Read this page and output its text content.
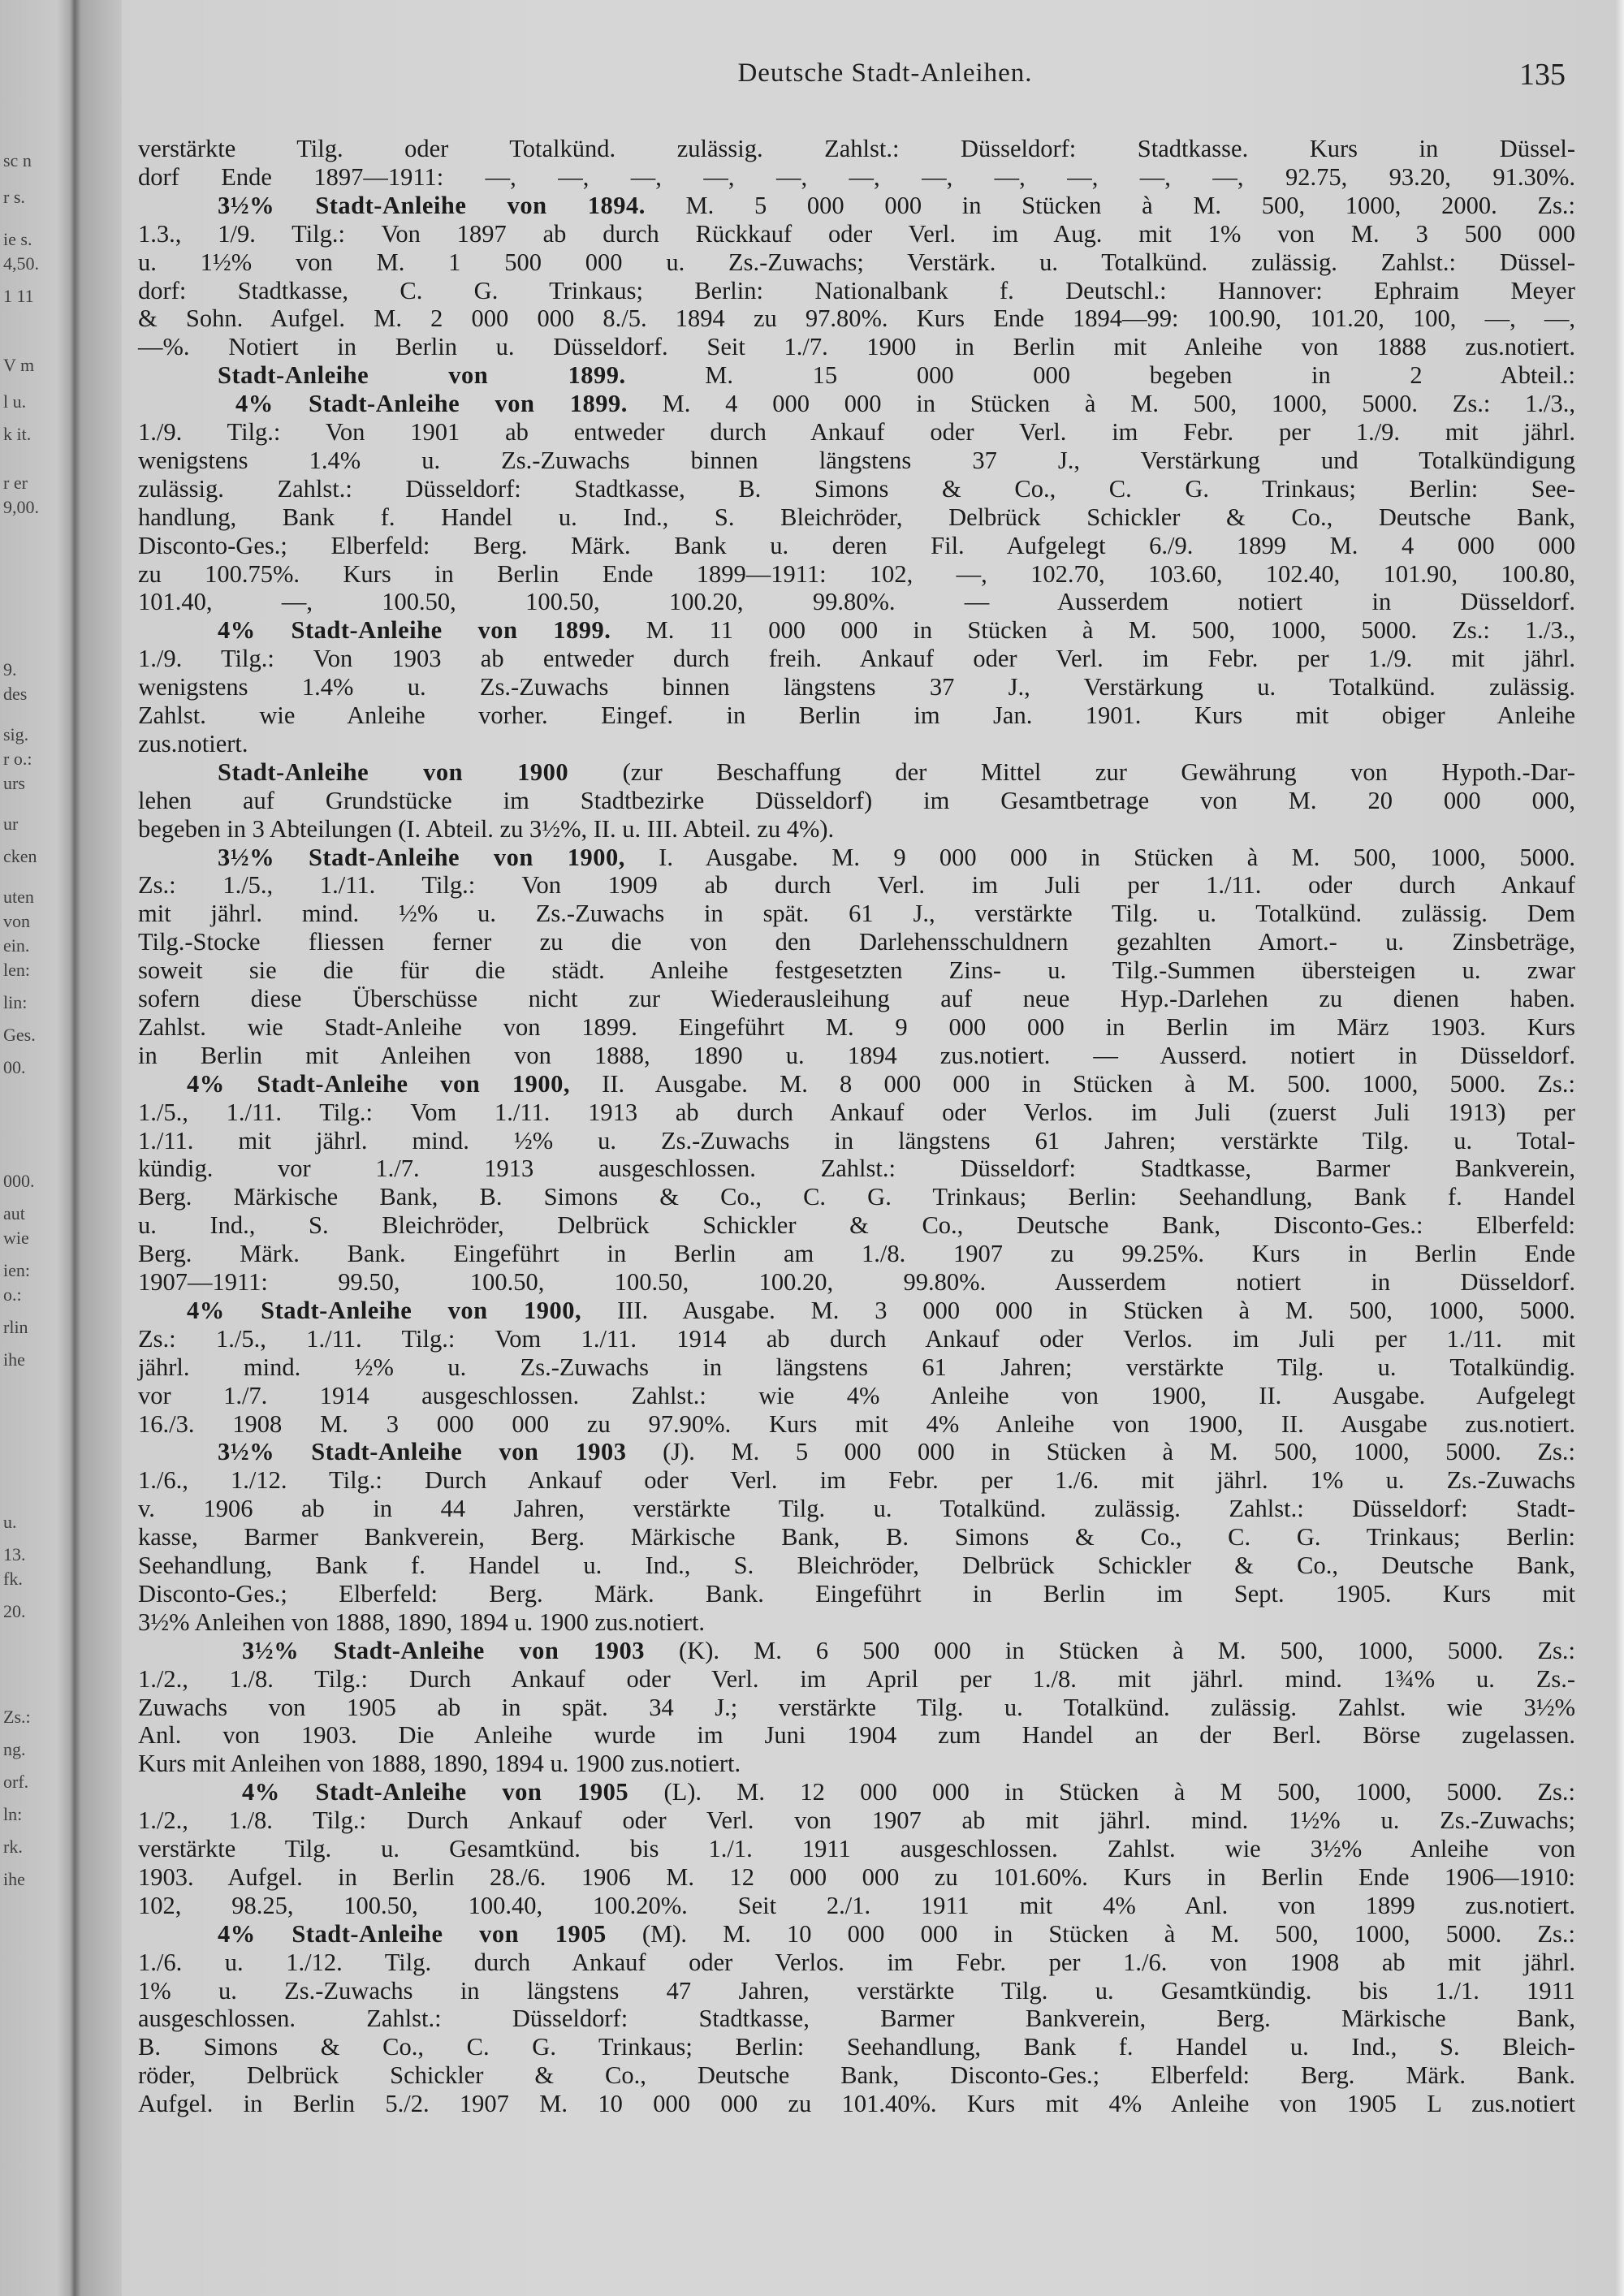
sc n
r s.
ie s.
4,50.
1 11
V m
l u.
k it.
r er
9,00.
9.
des
sig.
r o.:
urs
ur
cken
uten
von
ein.
len:
lin:
Ges.
00.
000.
aut
wie
ien:
o.:
rlin
ihe
u.
13.
fk.
20.
Zs.:
ng.
orf.
ln:
rk.
ihe
Deutsche Stadt-Anleihen.	135
verstärkte Tilg. oder Totalkünd. zulässig. Zahlst.: Düsseldorf: Stadtkasse. Kurs in Düssel-
dorf Ende 1897—1911: —, —, —, —, —, —, —, —, —, —, —, 92.75, 93.20, 91.30%.
3½% Stadt-Anleihe von 1894. M. 5 000 000 in Stücken à M. 500, 1000, 2000. Zs.:
1.3., 1/9. Tilg.: Von 1897 ab durch Rückkauf oder Verl. im Aug. mit 1% von M. 3 500 000
u. 1½% von M. 1 500 000 u. Zs.-Zuwachs; Verstärk. u. Totalkünd. zulässig. Zahlst.: Düssel-
dorf: Stadtkasse, C. G. Trinkaus; Berlin: Nationalbank f. Deutschl.: Hannover: Ephraim Meyer
& Sohn. Aufgel. M. 2 000 000 8./5. 1894 zu 97.80%. Kurs Ende 1894—99: 100.90, 101.20, 100, —, —,
—%. Notiert in Berlin u. Düsseldorf. Seit 1./7. 1900 in Berlin mit Anleihe von 1888 zus.notiert.
Stadt-Anleihe von 1899. M. 15 000 000 begeben in 2 Abteil.:
4% Stadt-Anleihe von 1899. M. 4 000 000 in Stücken à M. 500, 1000, 5000. Zs.: 1./3.,
1./9. Tilg.: Von 1901 ab entweder durch Ankauf oder Verl. im Febr. per 1./9. mit jährl.
wenigstens 1.4% u. Zs.-Zuwachs binnen längstens 37 J., Verstärkung und Totalkündigung
zulässig. Zahlst.: Düsseldorf: Stadtkasse, B. Simons & Co., C. G. Trinkaus; Berlin: See-
handlung, Bank f. Handel u. Ind., S. Bleichröder, Delbrück Schickler & Co., Deutsche Bank,
Disconto-Ges.; Elberfeld: Berg. Märk. Bank u. deren Fil. Aufgelegt 6./9. 1899 M. 4 000 000
zu 100.75%. Kurs in Berlin Ende 1899—1911: 102, —, 102.70, 103.60, 102.40, 101.90, 100.80,
101.40, —, 100.50, 100.50, 100.20, 99.80%. — Ausserdem notiert in Düsseldorf.
4% Stadt-Anleihe von 1899. M. 11 000 000 in Stücken à M. 500, 1000, 5000. Zs.: 1./3.,
1./9. Tilg.: Von 1903 ab entweder durch freih. Ankauf oder Verl. im Febr. per 1./9. mit jährl.
wenigstens 1.4% u. Zs.-Zuwachs binnen längstens 37 J., Verstärkung u. Totalkünd. zulässig.
Zahlst. wie Anleihe vorher. Eingef. in Berlin im Jan. 1901. Kurs mit obiger Anleihe
zus.notiert.
Stadt-Anleihe von 1900 (zur Beschaffung der Mittel zur Gewährung von Hypoth.-Dar-
lehen auf Grundstücke im Stadtbezirke Düsseldorf) im Gesamtbetrage von M. 20 000 000,
begeben in 3 Abteilungen (I. Abteil. zu 3½%, II. u. III. Abteil. zu 4%).
3½% Stadt-Anleihe von 1900, I. Ausgabe. M. 9 000 000 in Stücken à M. 500, 1000, 5000.
Zs.: 1./5., 1./11. Tilg.: Von 1909 ab durch Verl. im Juli per 1./11. oder durch Ankauf
mit jährl. mind. ½% u. Zs.-Zuwachs in spät. 61 J., verstärkte Tilg. u. Totalkünd. zulässig. Dem
Tilg.-Stocke fliessen ferner zu die von den Darlehensschuldnern gezahlten Amort.- u. Zinsbeträge,
soweit sie die für die städt. Anleihe festgesetzten Zins- u. Tilg.-Summen übersteigen u. zwar
sofern diese Überschüsse nicht zur Wiederausleihung auf neue Hyp.-Darlehen zu dienen haben.
Zahlst. wie Stadt-Anleihe von 1899. Eingeführt M. 9 000 000 in Berlin im März 1903. Kurs
in Berlin mit Anleihen von 1888, 1890 u. 1894 zus.notiert. — Ausserd. notiert in Düsseldorf.
4% Stadt-Anleihe von 1900, II. Ausgabe. M. 8 000 000 in Stücken à M. 500. 1000, 5000. Zs.:
1./5., 1./11. Tilg.: Vom 1./11. 1913 ab durch Ankauf oder Verlos. im Juli (zuerst Juli 1913) per
1./11. mit jährl. mind. ½% u. Zs.-Zuwachs in längstens 61 Jahren; verstärkte Tilg. u. Total-
kündig. vor 1./7. 1913 ausgeschlossen. Zahlst.: Düsseldorf: Stadtkasse, Barmer Bankverein,
Berg. Märkische Bank, B. Simons & Co., C. G. Trinkaus; Berlin: Seehandlung, Bank f. Handel
u. Ind., S. Bleichröder, Delbrück Schickler & Co., Deutsche Bank, Disconto-Ges.: Elberfeld:
Berg. Märk. Bank. Eingeführt in Berlin am 1./8. 1907 zu 99.25%. Kurs in Berlin Ende
1907—1911: 99.50, 100.50, 100.50, 100.20, 99.80%. Ausserdem notiert in Düsseldorf.
4% Stadt-Anleihe von 1900, III. Ausgabe. M. 3 000 000 in Stücken à M. 500, 1000, 5000.
Zs.: 1./5., 1./11. Tilg.: Vom 1./11. 1914 ab durch Ankauf oder Verlos. im Juli per 1./11. mit
jährl. mind. ½% u. Zs.-Zuwachs in längstens 61 Jahren; verstärkte Tilg. u. Totalkündig.
vor 1./7. 1914 ausgeschlossen. Zahlst.: wie 4% Anleihe von 1900, II. Ausgabe. Aufgelegt
16./3. 1908 M. 3 000 000 zu 97.90%. Kurs mit 4% Anleihe von 1900, II. Ausgabe zus.notiert.
3½% Stadt-Anleihe von 1903 (J). M. 5 000 000 in Stücken à M. 500, 1000, 5000. Zs.:
1./6., 1./12. Tilg.: Durch Ankauf oder Verl. im Febr. per 1./6. mit jährl. 1% u. Zs.-Zuwachs
v. 1906 ab in 44 Jahren, verstärkte Tilg. u. Totalkünd. zulässig. Zahlst.: Düsseldorf: Stadt-
kasse, Barmer Bankverein, Berg. Märkische Bank, B. Simons & Co., C. G. Trinkaus; Berlin:
Seehandlung, Bank f. Handel u. Ind., S. Bleichröder, Delbrück Schickler & Co., Deutsche Bank,
Disconto-Ges.; Elberfeld: Berg. Märk. Bank. Eingeführt in Berlin im Sept. 1905. Kurs mit
3½% Anleihen von 1888, 1890, 1894 u. 1900 zus.notiert.
3½% Stadt-Anleihe von 1903 (K). M. 6 500 000 in Stücken à M. 500, 1000, 5000. Zs.:
1./2., 1./8. Tilg.: Durch Ankauf oder Verl. im April per 1./8. mit jährl. mind. 1¾% u. Zs.-
Zuwachs von 1905 ab in spät. 34 J.; verstärkte Tilg. u. Totalkünd. zulässig. Zahlst. wie 3½%
Anl. von 1903. Die Anleihe wurde im Juni 1904 zum Handel an der Berl. Börse zugelassen.
Kurs mit Anleihen von 1888, 1890, 1894 u. 1900 zus.notiert.
4% Stadt-Anleihe von 1905 (L). M. 12 000 000 in Stücken à M 500, 1000, 5000. Zs.:
1./2., 1./8. Tilg.: Durch Ankauf oder Verl. von 1907 ab mit jährl. mind. 1½% u. Zs.-Zuwachs;
verstärkte Tilg. u. Gesamtkünd. bis 1./1. 1911 ausgeschlossen. Zahlst. wie 3½% Anleihe von
1903. Aufgel. in Berlin 28./6. 1906 M. 12 000 000 zu 101.60%. Kurs in Berlin Ende 1906—1910:
102, 98.25, 100.50, 100.40, 100.20%. Seit 2./1. 1911 mit 4% Anl. von 1899 zus.notiert.
4% Stadt-Anleihe von 1905 (M). M. 10 000 000 in Stücken à M. 500, 1000, 5000. Zs.:
1./6. u. 1./12. Tilg. durch Ankauf oder Verlos. im Febr. per 1./6. von 1908 ab mit jährl.
1% u. Zs.-Zuwachs in längstens 47 Jahren, verstärkte Tilg. u. Gesamtkündig. bis 1./1. 1911
ausgeschlossen. Zahlst.: Düsseldorf: Stadtkasse, Barmer Bankverein, Berg. Märkische Bank,
B. Simons & Co., C. G. Trinkaus; Berlin: Seehandlung, Bank f. Handel u. Ind., S. Bleich-
röder, Delbrück Schickler & Co., Deutsche Bank, Disconto-Ges.; Elberfeld: Berg. Märk. Bank.
Aufgel. in Berlin 5./2. 1907 M. 10 000 000 zu 101.40%. Kurs mit 4% Anleihe von 1905 L zus.notiert
